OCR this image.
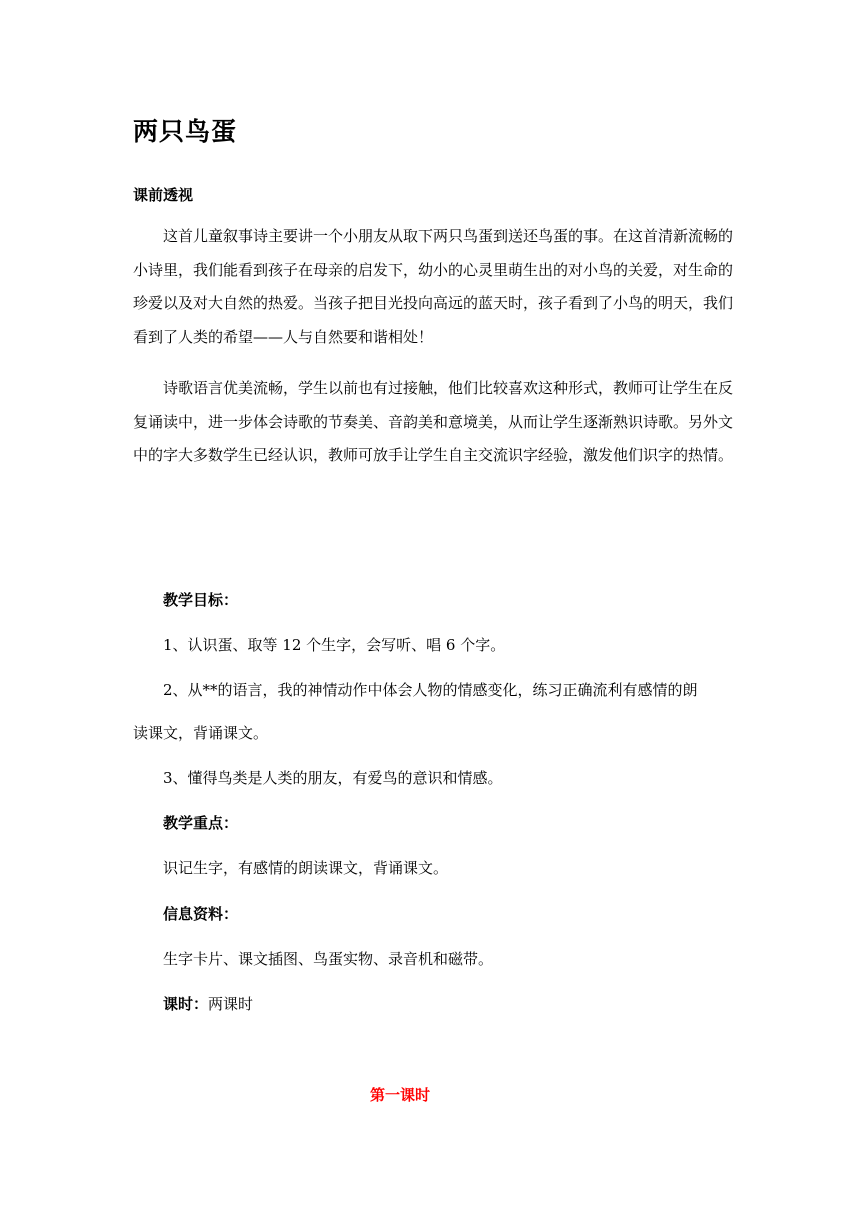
两只鸟蛋
课前透视
这首儿童叙事诗主要讲一个小朋友从取下两只鸟蛋到送还鸟蛋的事。在这首清新流畅的小诗里，我们能看到孩子在母亲的启发下，幼小的心灵里萌生出的对小鸟的关爱，对生命的珍爱以及对大自然的热爱。当孩子把目光投向高远的蓝天时，孩子看到了小鸟的明天，我们看到了人类的希望——人与自然要和谐相处！
诗歌语言优美流畅，学生以前也有过接触，他们比较喜欢这种形式，教师可让学生在反复诵读中，进一步体会诗歌的节奏美、音韵美和意境美，从而让学生逐渐熟识诗歌。另外文中的字大多数学生已经认识，教师可放手让学生自主交流识字经验，激发他们识字的热情。
教学目标：
1、认识蛋、取等 12 个生字，会写听、唱 6 个字。
2、从**的语言，我的神情动作中体会人物的情感变化，练习正确流利有感情的朗
读课文，背诵课文。
3、懂得鸟类是人类的朋友，有爱鸟的意识和情感。
教学重点：
识记生字，有感情的朗读课文，背诵课文。
信息资料：
生字卡片、课文插图、鸟蛋实物、录音机和磁带。
课时：两课时
第一课时
